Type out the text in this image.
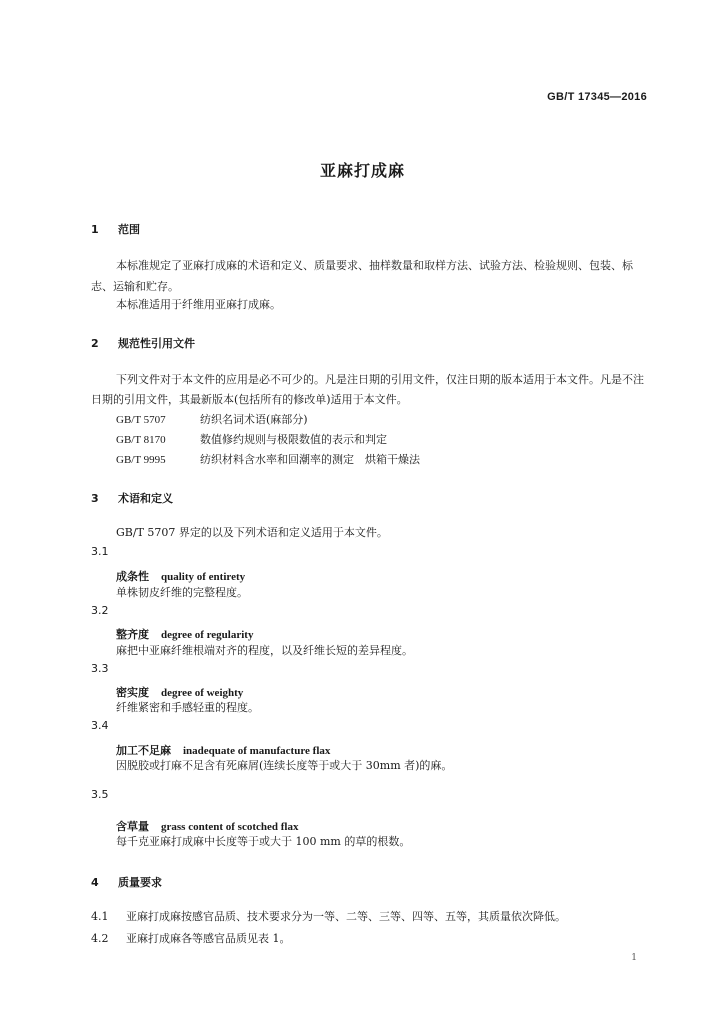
GB/T 17345—2016
亚麻打成麻
1 范围
本标准规定了亚麻打成麻的术语和定义、质量要求、抽样数量和取样方法、试验方法、检验规则、包装、标志、运输和贮存。
本标准适用于纤维用亚麻打成麻。
2 规范性引用文件
下列文件对于本文件的应用是必不可少的。凡是注日期的引用文件，仅注日期的版本适用于本文件。凡是不注日期的引用文件，其最新版本(包括所有的修改单)适用于本文件。
GB/T 5707	纺织名词术语(麻部分)
GB/T 8170	数值修约规则与极限数值的表示和判定
GB/T 9995	纺织材料含水率和回潮率的测定　烘箱干燥法
3 术语和定义
GB/T 5707 界定的以及下列术语和定义适用于本文件。
3.1
成条性 quality of entirety
单株韧皮纤维的完整程度。
3.2
整齐度 degree of regularity
麻把中亚麻纤维根端对齐的程度，以及纤维长短的差异程度。
3.3
密实度 degree of weighty
纤维紧密和手感轻重的程度。
3.4
加工不足麻 inadequate of manufacture flax
因脱胶或打麻不足含有死麻屑(连续长度等于或大于 30mm 者)的麻。
3.5
含草量 grass content of scotched flax
每千克亚麻打成麻中长度等于或大于 100 mm 的草的根数。
4 质量要求
4.1 亚麻打成麻按感官品质、技术要求分为一等、二等、三等、四等、五等，其质量依次降低。
4.2 亚麻打成麻各等感官品质见表 1。
1
